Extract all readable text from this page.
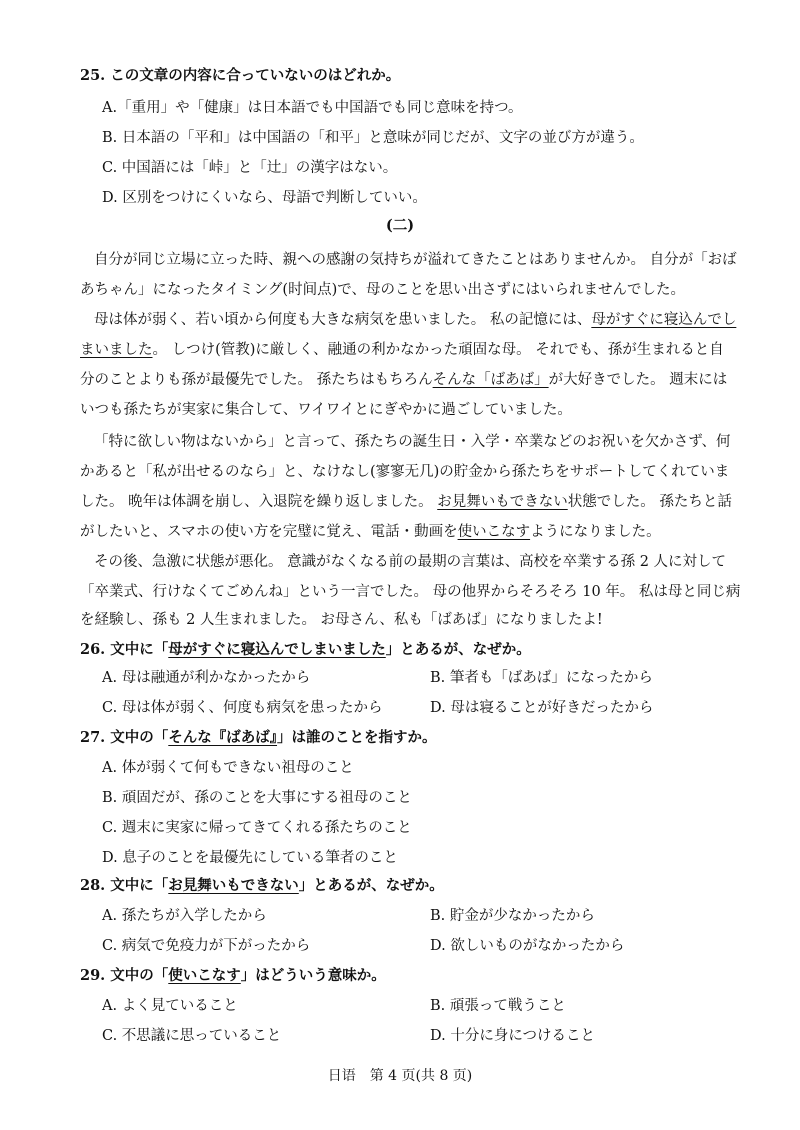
25. この文章の内容に合っていないのはどれか。
A.「重用」や「健康」は日本語でも中国語でも同じ意味を持つ。
B. 日本語の「平和」は中国語の「和平」と意味が同じだが、文字の並び方が違う。
C. 中国語には「峠」と「辻」の漢字はない。
D. 区別をつけにくいなら、母語で判断していい。
(二)
自分が同じ立場に立った時、親への感謝の気持ちが溢れてきたことはありませんか。 自分が「おば
あちゃん」になったタイミング(时间点)で、母のことを思い出さずにはいられませんでした。
母は体が弱く、若い頃から何度も大きな病気を患いました。 私の記憶には、母がすぐに寝込んでし
まいました。 しつけ(管教)に厳しく、融通の利かなかった頑固な母。 それでも、孫が生まれると自
分のことよりも孫が最優先でした。 孫たちはもちろんそんな「ばあば」が大好きでした。 週末には
いつも孫たちが実家に集合して、ワイワイとにぎやかに過ごしていました。
「特に欲しい物はないから」と言って、孫たちの誕生日・入学・卒業などのお祝いを欠かさず、何
かあると「私が出せるのなら」と、なけなし(寥寥无几)の貯金から孫たちをサポートしてくれていま
した。 晩年は体調を崩し、入退院を繰り返しました。 お見舞いもできない状態でした。 孫たちと話
がしたいと、スマホの使い方を完璧に覚え、電話・動画を使いこなすようになりました。
その後、急激に状態が悪化。 意識がなくなる前の最期の言葉は、高校を卒業する孫 2 人に対して
「卒業式、行けなくてごめんね」という一言でした。 母の他界からそろそろ 10 年。 私は母と同じ病
を経験し、孫も 2 人生まれました。 お母さん、私も「ばあば」になりましたよ!
26. 文中に「母がすぐに寝込んでしまいました」とあるが、なぜか。
A. 母は融通が利かなかったから	B. 筆者も「ばあば」になったから
C. 母は体が弱く、何度も病気を患ったから	D. 母は寝ることが好きだったから
27. 文中の「そんな『ばあば』」は誰のことを指すか。
A. 体が弱くて何もできない祖母のこと
B. 頑固だが、孫のことを大事にする祖母のこと
C. 週末に実家に帰ってきてくれる孫たちのこと
D. 息子のことを最優先にしている筆者のこと
28. 文中に「お見舞いもできない」とあるが、なぜか。
A. 孫たちが入学したから	B. 貯金が少なかったから
C. 病気で免疫力が下がったから	D. 欲しいものがなかったから
29. 文中の「使いこなす」はどういう意味か。
A. よく見ていること	B. 頑張って戦うこと
C. 不思議に思っていること	D. 十分に身につけること
日语　第 4 页(共 8 页)
